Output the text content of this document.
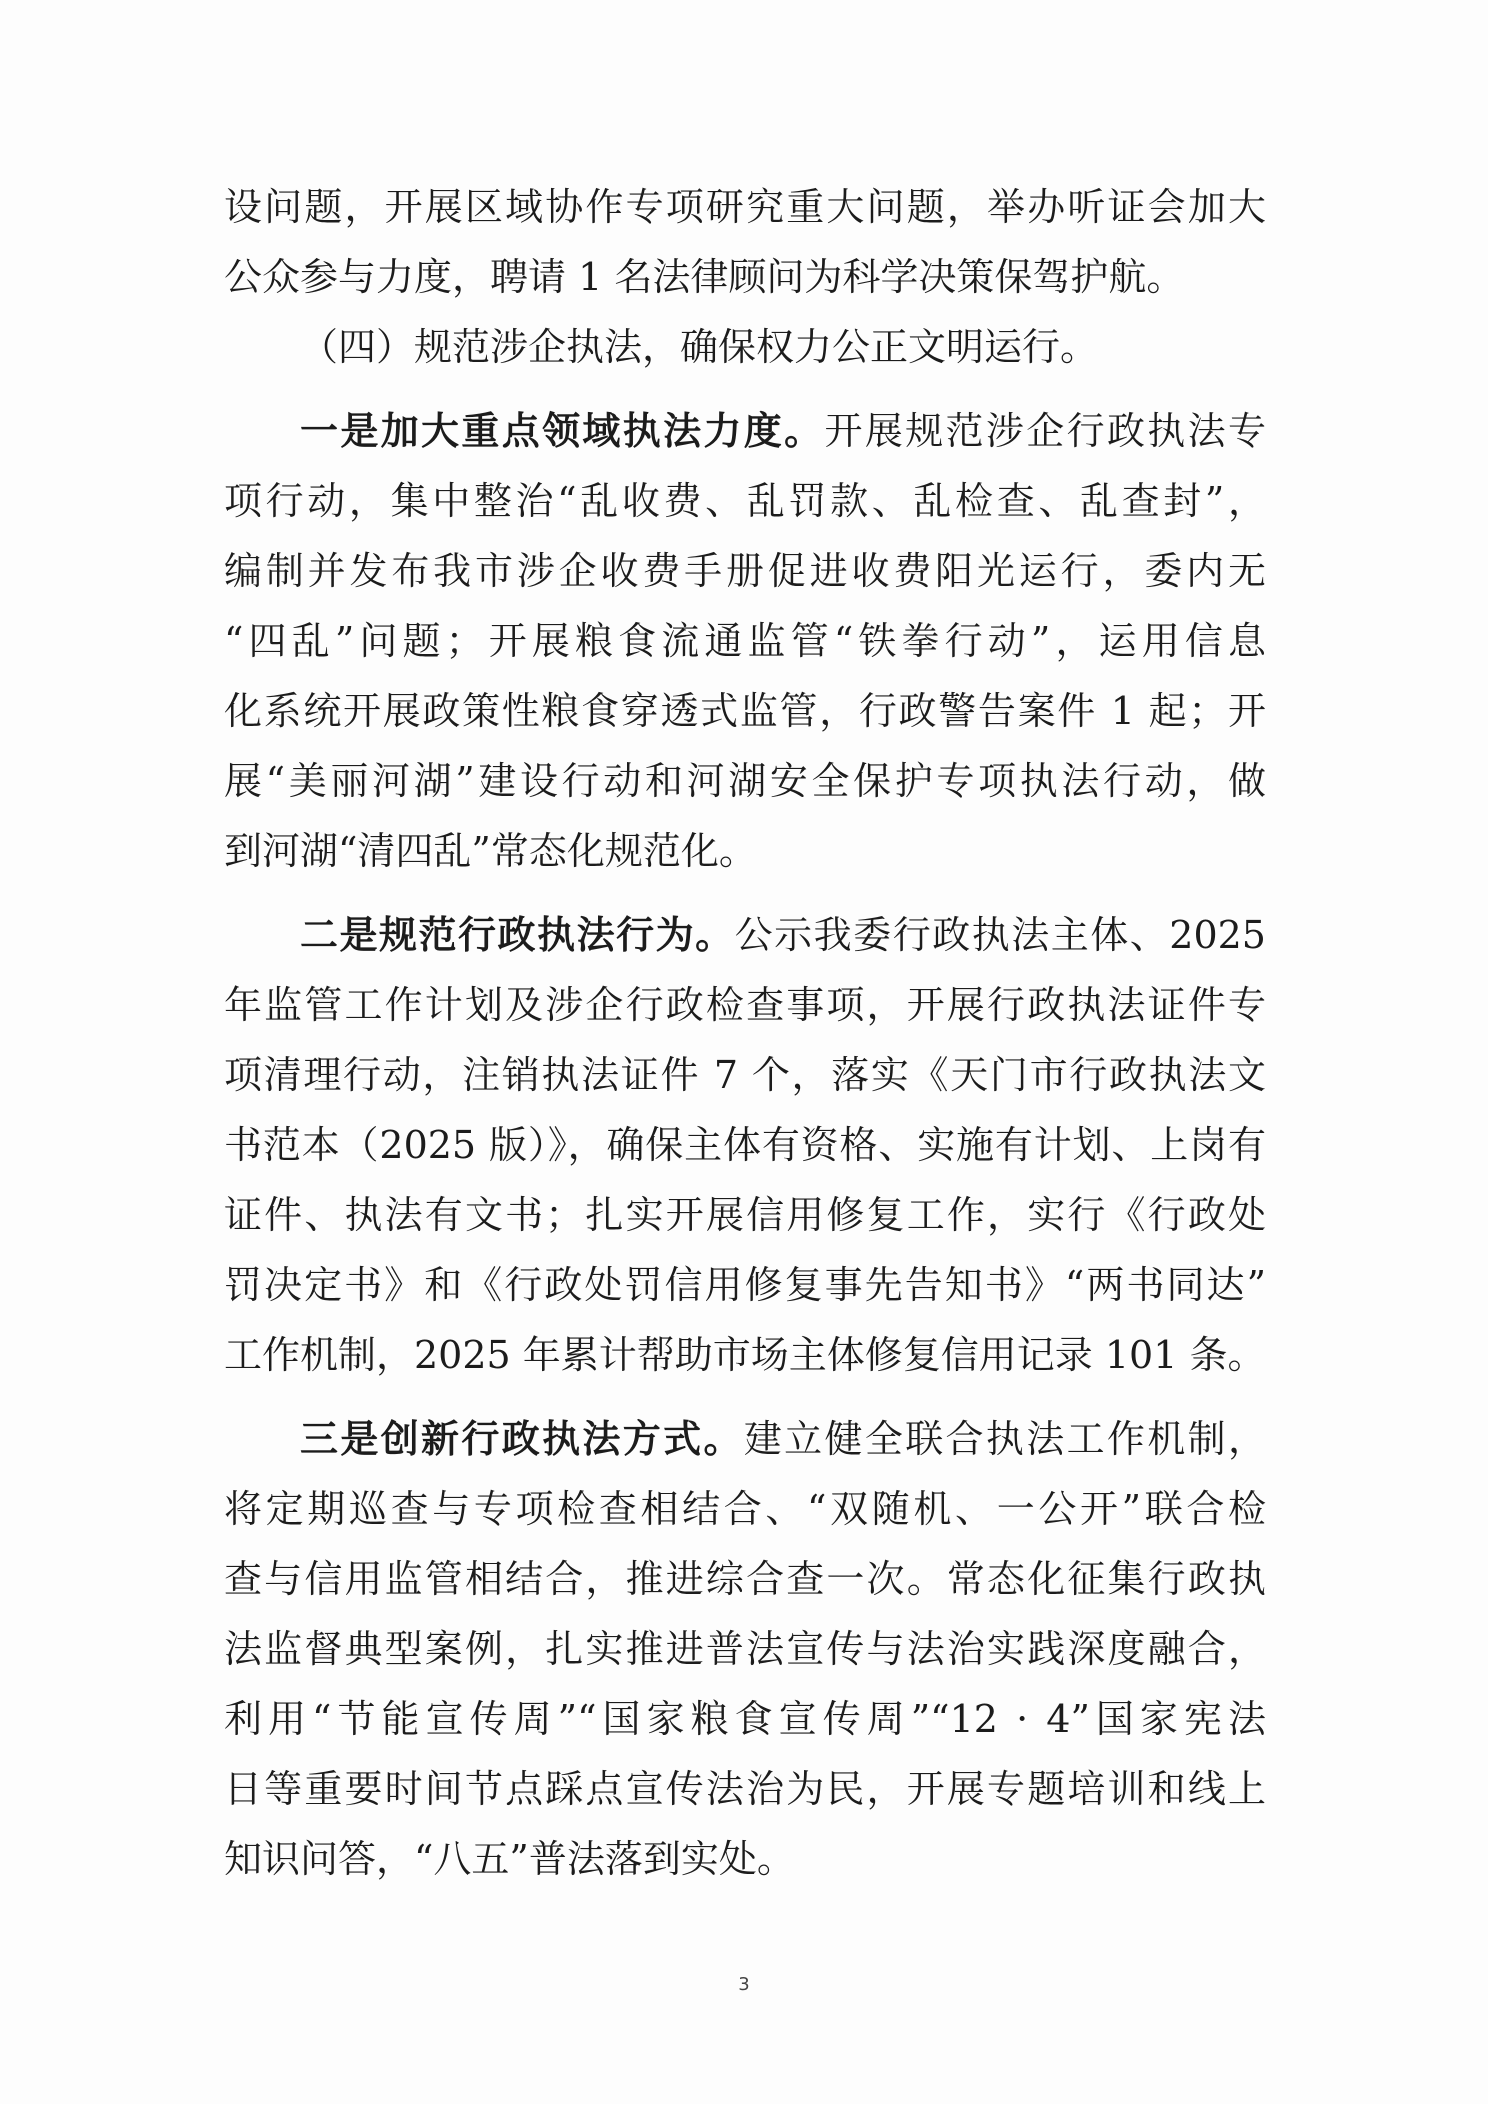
设问题，开展区域协作专项研究重大问题，举办听证会加大
公众参与力度，聘请 1 名法律顾问为科学决策保驾护航。
（四）规范涉企执法，确保权力公正文明运行。
一是加大重点领域执法力度。开展规范涉企行政执法专
项行动，集中整治“乱收费、乱罚款、乱检查、乱查封”，
编制并发布我市涉企收费手册促进收费阳光运行，委内无
“四乱”问题；开展粮食流通监管“铁拳行动”，运用信息
化系统开展政策性粮食穿透式监管，行政警告案件 1 起；开
展“美丽河湖”建设行动和河湖安全保护专项执法行动，做
到河湖“清四乱”常态化规范化。
二是规范行政执法行为。公示我委行政执法主体、2025
年监管工作计划及涉企行政检查事项，开展行政执法证件专
项清理行动，注销执法证件 7 个，落实《天门市行政执法文
书范本（2025 版）》，确保主体有资格、实施有计划、上岗有
证件、执法有文书；扎实开展信用修复工作，实行《行政处
罚决定书》和《行政处罚信用修复事先告知书》“两书同达”
工作机制，2025 年累计帮助市场主体修复信用记录 101 条。
三是创新行政执法方式。建立健全联合执法工作机制，
将定期巡查与专项检查相结合、“双随机、一公开”联合检
查与信用监管相结合，推进综合查一次。常态化征集行政执
法监督典型案例，扎实推进普法宣传与法治实践深度融合，
利用“节能宣传周”“国家粮食宣传周”“12 · 4”国家宪法
日等重要时间节点踩点宣传法治为民，开展专题培训和线上
知识问答，“八五”普法落到实处。
3
